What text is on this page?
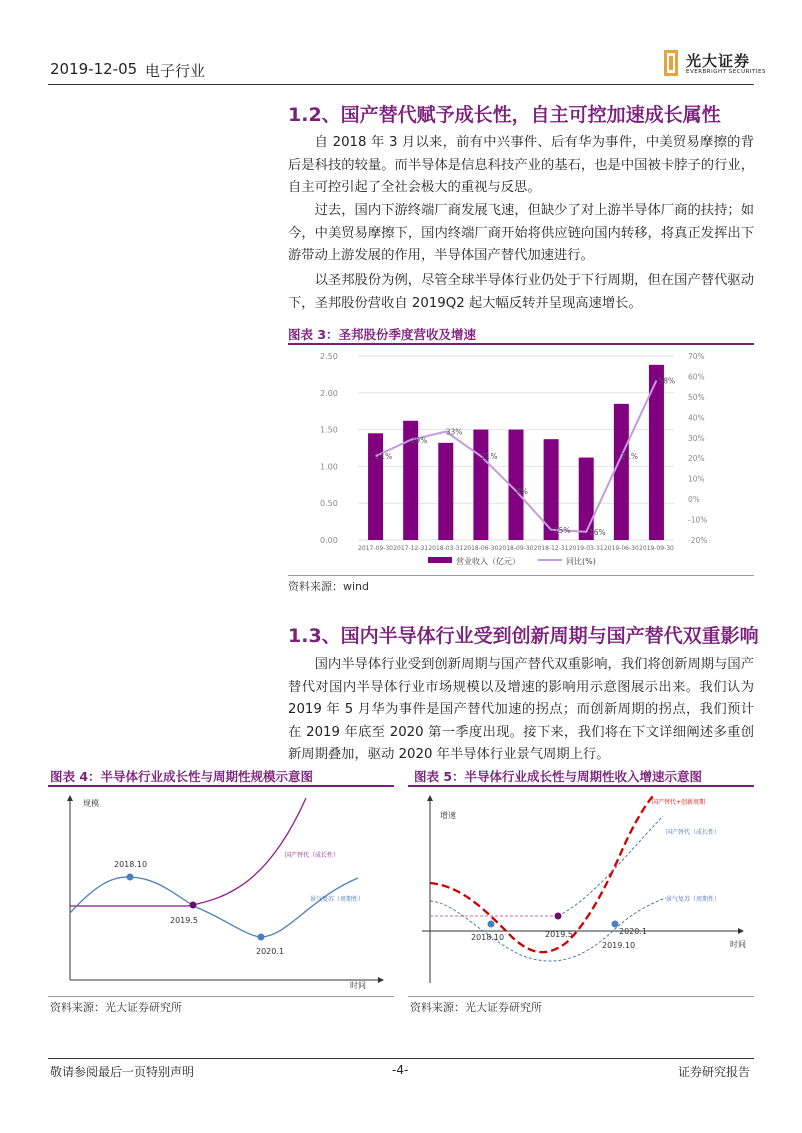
2019-12-05 电子行业
光大证券
EVERBRIGHT SECURITIES
1.2、国产替代赋予成长性，自主可控加速成长属性
自 2018 年 3 月以来，前有中兴事件、后有华为事件，中美贸易摩擦的背后是科技的较量。而半导体是信息科技产业的基石，也是中国被卡脖子的行业，自主可控引起了全社会极大的重视与反思。
过去，国内下游终端厂商发展飞速，但缺少了对上游半导体厂商的扶持；如今，中美贸易摩擦下，国内终端厂商开始将供应链向国内转移，将真正发挥出下游带动上游发展的作用，半导体国产替代加速进行。
以圣邦股份为例，尽管全球半导体行业仍处于下行周期，但在国产替代驱动下，圣邦股份营收自 2019Q2 起大幅反转并呈现高速增长。
图表 3：圣邦股份季度营收及增速
0.00
0.50
1.00
1.50
2.00
2.50	70%
60%
50%
40%
30%
20%
10%
0%
-10%
-20%
2017-09-30 2017-12-31 2018-03-31 2018-06-30 2018-09-30 2018-12-31 2019-03-31 2019-06-30 2019-09-30
21%
29%
33%
21%
4%
-15% -16%
21%
58%
营业收入（亿元）	同比(%)
资料来源：wind
1.3、国内半导体行业受到创新周期与国产替代双重影响
国内半导体行业受到创新周期与国产替代双重影响，我们将创新周期与国产替代对国内半导体行业市场规模以及增速的影响用示意图展示出来。我们认为 2019 年 5 月华为事件是国产替代加速的拐点；而创新周期的拐点，我们预计在 2019 年底至 2020 第一季度出现。接下来，我们将在下文详细阐述多重创新周期叠加，驱动 2020 年半导体行业景气周期上行。
图表 4：半导体行业成长性与周期性规模示意图
规模
时间
2018.10
2019.5
2020.1
国产替代（成长性）
景气复苏（周期性）
资料来源：光大证券研究所
图表 5：半导体行业成长性与周期性收入增速示意图
增速
时间
2018.10	2019.5	2020.1
2019.10
国产替代+创新周期
国产替代（成长性）
景气复苏（周期性）
资料来源：光大证券研究所
敬请参阅最后一页特别声明	-4-	证券研究报告
